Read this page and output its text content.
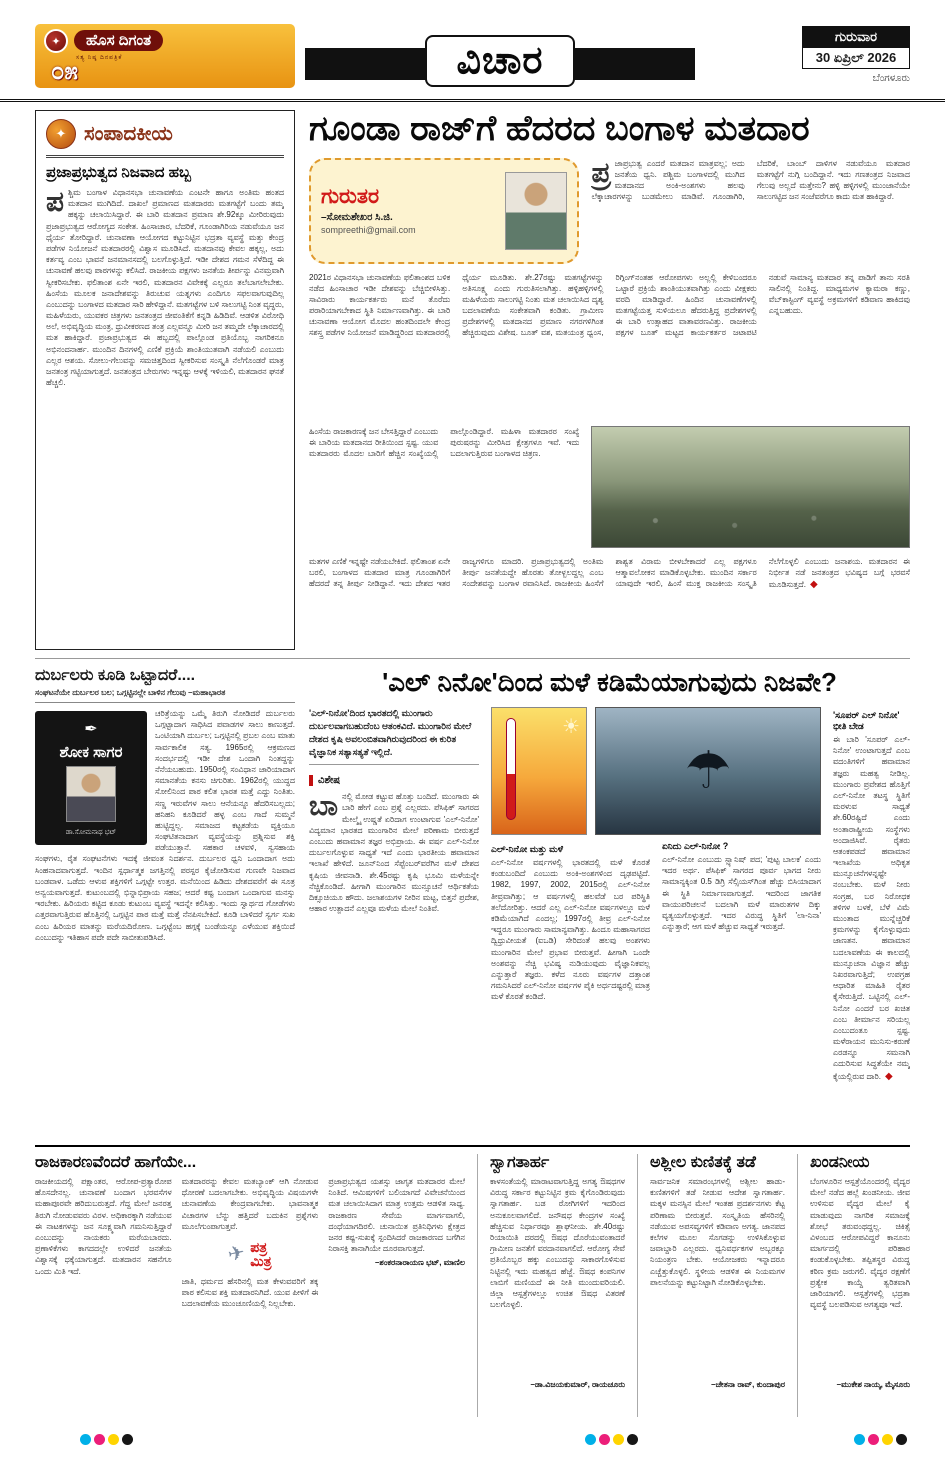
✦	ಹೊಸ ದಿಗಂತ
ಸತ್ಯ ನಿಷ್ಠ ದಿನಪತ್ರಿಕೆ
೦೫	ವಿಚಾರ
ಗುರುವಾರ
30 ಏಪ್ರಿಲ್ 2026
ಬೆಂಗಳೂರು
✦ ಸಂಪಾದಕೀಯ
ಪ್ರಜಾಪ್ರಭುತ್ವದ ನಿಜವಾದ ಹಬ್ಬ
ಪಶ್ಚಿಮ ಬಂಗಾಳ ವಿಧಾನಸಭಾ ಚುನಾವಣೆಯ ಎಂಟನೇ ಹಾಗೂ ಅಂತಿಮ ಹಂತದ ಮತದಾನ ಮುಗಿದಿದೆ. ದಾಖಲೆ ಪ್ರಮಾಣದ ಮತದಾರರು ಮತಗಟ್ಟೆಗೆ ಬಂದು ತಮ್ಮ ಹಕ್ಕನ್ನು ಚಲಾಯಿಸಿದ್ದಾರೆ. ಈ ಬಾರಿ ಮತದಾನ ಪ್ರಮಾಣ ಶೇ.92ಕ್ಕೂ ಮೀರಿರುವುದು ಪ್ರಜಾಪ್ರಭುತ್ವದ ಆರೋಗ್ಯದ ಸಂಕೇತ. ಹಿಂಸಾಚಾರ, ಬೆದರಿಕೆ, ಗೂಂಡಾಗಿರಿಯ ನಡುವೆಯೂ ಜನ ಧೈರ್ಯ ತೋರಿದ್ದಾರೆ. ಚುನಾವಣಾ ಆಯೋಗದ ಕಟ್ಟುನಿಟ್ಟಿನ ಭದ್ರತಾ ವ್ಯವಸ್ಥೆ ಮತ್ತು ಕೇಂದ್ರ ಪಡೆಗಳ ನಿಯೋಜನೆ ಮತದಾರರಲ್ಲಿ ವಿಶ್ವಾಸ ಮೂಡಿಸಿದೆ. ಮತದಾನವು ಕೇವಲ ಹಕ್ಕಲ್ಲ, ಅದು ಕರ್ತವ್ಯ ಎಂಬ ಭಾವನೆ ಜನಮಾನಸದಲ್ಲಿ ಬಲಗೊಳ್ಳುತ್ತಿದೆ. ಇಡೀ ದೇಶದ ಗಮನ ಸೆಳೆದಿದ್ದ ಈ ಚುನಾವಣೆ ಹಲವು ಪಾಠಗಳನ್ನು ಕಲಿಸಿದೆ. ರಾಜಕೀಯ ಪಕ್ಷಗಳು ಜನತೆಯ ತೀರ್ಪನ್ನು ವಿನಮ್ರವಾಗಿ ಸ್ವೀಕರಿಸಬೇಕು. ಫಲಿತಾಂಶ ಏನೇ ಇರಲಿ, ಮತದಾರನ ವಿವೇಕಕ್ಕೆ ಎಲ್ಲರೂ ತಲೆಬಾಗಲೇಬೇಕು. ಹಿಂಸೆಯ ಮೂಲಕ ಜನಾದೇಶವನ್ನು ತಿರುಚುವ ಯತ್ನಗಳು ಎಂದಿಗೂ ಸಫಲವಾಗುವುದಿಲ್ಲ ಎಂಬುದನ್ನು ಬಂಗಾಳದ ಮತದಾರ ಸಾರಿ ಹೇಳಿದ್ದಾನೆ. ಮತಗಟ್ಟೆಗಳ ಬಳಿ ಸಾಲುಗಟ್ಟಿ ನಿಂತ ವೃದ್ಧರು, ಮಹಿಳೆಯರು, ಯುವಕರ ಚಿತ್ರಗಳು ಜನತಂತ್ರದ ಜೀವಂತಿಕೆಗೆ ಕನ್ನಡಿ ಹಿಡಿದಿವೆ. ಆಡಳಿತ ವಿರೋಧಿ ಅಲೆ, ಅಭಿವೃದ್ಧಿಯ ಮಂತ್ರ, ಧ್ರುವೀಕರಣದ ತಂತ್ರ ಎಲ್ಲವನ್ನೂ ಮೀರಿ ಜನ ತಮ್ಮದೇ ಲೆಕ್ಕಾಚಾರದಲ್ಲಿ ಮತ ಹಾಕಿದ್ದಾರೆ. ಪ್ರಜಾಪ್ರಭುತ್ವದ ಈ ಹಬ್ಬದಲ್ಲಿ ಪಾಲ್ಗೊಂಡ ಪ್ರತಿಯೊಬ್ಬ ನಾಗರಿಕನೂ ಅಭಿನಂದನಾರ್ಹ. ಮುಂದಿನ ದಿನಗಳಲ್ಲಿ ಎಣಿಕೆ ಪ್ರಕ್ರಿಯೆ ಶಾಂತಿಯುತವಾಗಿ ನಡೆಯಲಿ ಎಂಬುದು ಎಲ್ಲರ ಆಶಯ. ಸೋಲು-ಗೆಲುವನ್ನು ಸಮಚಿತ್ತದಿಂದ ಸ್ವೀಕರಿಸುವ ಸಂಸ್ಕೃತಿ ನೆಲೆಗೊಂಡರೆ ಮಾತ್ರ ಜನತಂತ್ರ ಗಟ್ಟಿಯಾಗುತ್ತದೆ. ಜನತಂತ್ರದ ಬೇರುಗಳು ಇನ್ನಷ್ಟು ಆಳಕ್ಕೆ ಇಳಿಯಲಿ, ಮತದಾರನ ಘನತೆ ಹೆಚ್ಚಲಿ.
ಗೂಂಡಾ ರಾಜ್‌ಗೆ ಹೆದರದ ಬಂಗಾಳ ಮತದಾರ
ಗುರುತರ
–ಸೋಮಶೇಖರ ಸಿ.ಜಿ.
sompreethi@gmail.com
ಪ್ರ ಜಾಪ್ರಭುತ್ವ ಎಂದರೆ ಮತದಾನ ಮಾತ್ರವಲ್ಲ; ಅದು ಜನತೆಯ ಧ್ವನಿ. ಪಶ್ಚಿಮ ಬಂಗಾಳದಲ್ಲಿ ಮುಗಿದ ಮತದಾನದ ಅಂಕಿ-ಅಂಶಗಳು ಹಲವು ಲೆಕ್ಕಾಚಾರಗಳನ್ನು ಬುಡಮೇಲು ಮಾಡಿವೆ. ಗೂಂಡಾಗಿರಿ, ಬೆದರಿಕೆ, ಬಾಂಬ್ ದಾಳಿಗಳ ನಡುವೆಯೂ ಮತದಾರ ಮತಗಟ್ಟೆಗೆ ನುಗ್ಗಿ ಬಂದಿದ್ದಾನೆ. ಇದು ಗಣತಂತ್ರದ ನಿಜವಾದ ಗೆಲುವು ಅಲ್ಲದೆ ಮತ್ತೇನು? ಹಳ್ಳಿ ಹಳ್ಳಿಗಳಲ್ಲಿ ಮುಂಜಾನೆಯೇ ಸಾಲುಗಟ್ಟಿದ ಜನ ಸಂಜೆವರೆಗೂ ಕಾದು ಮತ ಹಾಕಿದ್ದಾರೆ.
2021ರ ವಿಧಾನಸಭಾ ಚುನಾವಣೆಯ ಫಲಿತಾಂಶದ ಬಳಿಕ ನಡೆದ ಹಿಂಸಾಚಾರ ಇಡೀ ದೇಶವನ್ನು ಬೆಚ್ಚಿಬೀಳಿಸಿತ್ತು. ಸಾವಿರಾರು ಕಾರ್ಯಕರ್ತರು ಮನೆ ತೊರೆದು ಪರಾರಿಯಾಗಬೇಕಾದ ಸ್ಥಿತಿ ನಿರ್ಮಾಣವಾಗಿತ್ತು. ಈ ಬಾರಿ ಚುನಾವಣಾ ಆಯೋಗ ಮೊದಲ ಹಂತದಿಂದಲೇ ಕೇಂದ್ರ ಸಶಸ್ತ್ರ ಪಡೆಗಳ ನಿಯೋಜನೆ ಮಾಡಿದ್ದರಿಂದ ಮತದಾರರಲ್ಲಿ ಧೈರ್ಯ ಮೂಡಿತು. ಶೇ.27ರಷ್ಟು ಮತಗಟ್ಟೆಗಳನ್ನು ಅತಿಸೂಕ್ಷ್ಮ ಎಂದು ಗುರುತಿಸಲಾಗಿತ್ತು. ಹಳ್ಳಿಹಳ್ಳಿಗಳಲ್ಲಿ ಮಹಿಳೆಯರು ಸಾಲುಗಟ್ಟಿ ನಿಂತು ಮತ ಚಲಾಯಿಸಿದ ದೃಶ್ಯ ಬದಲಾವಣೆಯ ಸಂಕೇತವಾಗಿ ಕಂಡಿತು. ಗ್ರಾಮೀಣ ಪ್ರದೇಶಗಳಲ್ಲಿ ಮತದಾನದ ಪ್ರಮಾಣ ನಗರಗಳಿಗಿಂತ ಹೆಚ್ಚಿರುವುದು ವಿಶೇಷ. ಬೂತ್ ವಶ, ಮತಯಂತ್ರ ಧ್ವಂಸ, ರಿಗ್ಗಿಂಗ್‌ನಂತಹ ಆರೋಪಗಳು ಅಲ್ಲಲ್ಲಿ ಕೇಳಿಬಂದರೂ ಒಟ್ಟಾರೆ ಪ್ರಕ್ರಿಯೆ ಶಾಂತಿಯುತವಾಗಿತ್ತು ಎಂದು ವೀಕ್ಷಕರು ವರದಿ ಮಾಡಿದ್ದಾರೆ. ಹಿಂದಿನ ಚುನಾವಣೆಗಳಲ್ಲಿ ಮತಗಟ್ಟೆಯತ್ತ ಸುಳಿಯಲೂ ಹೆದರುತ್ತಿದ್ದ ಪ್ರದೇಶಗಳಲ್ಲಿ ಈ ಬಾರಿ ಉತ್ಸಾಹದ ವಾತಾವರಣವಿತ್ತು. ರಾಜಕೀಯ ಪಕ್ಷಗಳ ಬೂತ್ ಮಟ್ಟದ ಕಾರ್ಯಕರ್ತರ ಜಟಾಪಟಿ ನಡುವೆ ಸಾಮಾನ್ಯ ಮತದಾರ ತನ್ನ ಪಾಡಿಗೆ ತಾನು ಸರತಿ ಸಾಲಿನಲ್ಲಿ ನಿಂತಿದ್ದ. ಮಾಧ್ಯಮಗಳ ಕ್ಯಾಮರಾ ಕಣ್ಣು, ವೆಬ್‌ಕಾಸ್ಟಿಂಗ್ ವ್ಯವಸ್ಥೆ ಅಕ್ರಮಗಳಿಗೆ ಕಡಿವಾಣ ಹಾಕಿದವು ಎನ್ನಬಹುದು.
ಹಿಂಸೆಯ ರಾಜಕಾರಣಕ್ಕೆ ಜನ ಬೇಸತ್ತಿದ್ದಾರೆ ಎಂಬುದು ಈ ಬಾರಿಯ ಮತದಾನದ ರೀತಿಯಿಂದ ಸ್ಪಷ್ಟ. ಯುವ ಮತದಾರರು ಮೊದಲ ಬಾರಿಗೆ ಹೆಚ್ಚಿನ ಸಂಖ್ಯೆಯಲ್ಲಿ ಪಾಲ್ಗೊಂಡಿದ್ದಾರೆ. ಮಹಿಳಾ ಮತದಾರರ ಸಂಖ್ಯೆ ಪುರುಷರನ್ನು ಮೀರಿಸಿದ ಕ್ಷೇತ್ರಗಳೂ ಇವೆ. ಇದು ಬದಲಾಗುತ್ತಿರುವ ಬಂಗಾಳದ ಚಿತ್ರಣ.
ಮತಗಳ ಎಣಿಕೆ ಇನ್ನಷ್ಟೇ ನಡೆಯಬೇಕಿದೆ. ಫಲಿತಾಂಶ ಏನೇ ಬರಲಿ, ಬಂಗಾಳದ ಮತದಾರ ಮಾತ್ರ ಗೂಂಡಾಗಿರಿಗೆ ಹೆದರದೆ ತನ್ನ ತೀರ್ಪು ನೀಡಿದ್ದಾನೆ. ಇದು ದೇಶದ ಇತರ ರಾಜ್ಯಗಳಿಗೂ ಮಾದರಿ. ಪ್ರಜಾಪ್ರಭುತ್ವದಲ್ಲಿ ಅಂತಿಮ ತೀರ್ಪು ಜನತೆಯದ್ದೇ ಹೊರತು ತೋಳ್ಬಲದ್ದಲ್ಲ ಎಂಬ ಸಂದೇಶವನ್ನು ಬಂಗಾಳ ರವಾನಿಸಿದೆ. ರಾಜಕೀಯ ಹಿಂಸೆಗೆ ಶಾಶ್ವತ ವಿರಾಮ ಬೀಳಬೇಕಾದರೆ ಎಲ್ಲ ಪಕ್ಷಗಳೂ ಆತ್ಮಾವಲೋಕನ ಮಾಡಿಕೊಳ್ಳಬೇಕು. ಮುಂದಿನ ಸರ್ಕಾರ ಯಾವುದೇ ಇರಲಿ, ಹಿಂಸೆ ಮುಕ್ತ ರಾಜಕೀಯ ಸಂಸ್ಕೃತಿ ನೆಲೆಗೊಳ್ಳಲಿ ಎಂಬುದು ಜನಾಶಯ. ಮತದಾರನ ಈ ನಿರ್ಭೀತ ನಡೆ ಜನತಂತ್ರದ ಭವಿಷ್ಯದ ಬಗ್ಗೆ ಭರವಸೆ ಮೂಡಿಸುತ್ತದೆ. ◆
ದುರ್ಬಲರು ಕೂಡಿ ಒಟ್ಟಾದರೆ....
ಸಂಘಟನೆಯೇ ದುರ್ಬಲರ ಬಲ; ಒಗ್ಗಟ್ಟಿನಲ್ಲೇ ಬಾಳಿನ ಗೆಲುವು –ಮಹಾಭಾರತ
✒
ಶೋಕ ಸಾಗರ
ಡಾ.ಸೋಮನಾಥ ಭಟ್
ಚರಿತ್ರೆಯನ್ನು ಒಮ್ಮೆ ತಿರುಗಿ ನೋಡಿದರೆ ದುರ್ಬಲರು ಒಗ್ಗಟ್ಟಾದಾಗ ಸಾಧಿಸಿದ ಪವಾಡಗಳ ಸಾಲು ಕಾಣುತ್ತದೆ. ಒಂಟಿಯಾಗಿ ದುರ್ಬಲ; ಒಗ್ಗಟ್ಟಿನಲ್ಲಿ ಪ್ರಬಲ ಎಂಬ ಮಾತು ಸಾರ್ವಕಾಲಿಕ ಸತ್ಯ. 1965ರಲ್ಲಿ ಆಕ್ರಮಣದ ಸಂದರ್ಭದಲ್ಲಿ ಇಡೀ ದೇಶ ಒಂದಾಗಿ ನಿಂತದ್ದನ್ನು ನೆನೆಯಬಹುದು. 1950ರಲ್ಲಿ ಸಂವಿಧಾನ ಜಾರಿಯಾದಾಗ ಸಮಾನತೆಯ ಕನಸು ಚಿಗುರಿತು. 1962ರಲ್ಲಿ ಯುದ್ಧದ ಸೋಲಿನಿಂದ ಪಾಠ ಕಲಿತ ಭಾರತ ಮತ್ತೆ ಎದ್ದು ನಿಂತಿತು. ಸಣ್ಣ ಇರುವೆಗಳ ಸಾಲು ಆನೆಯನ್ನೂ ಹೆದರಿಸಬಲ್ಲದು; ಹನಿಹನಿ ಕೂಡಿದರೆ ಹಳ್ಳ ಎಂಬ ಗಾದೆ ಸುಮ್ಮನೆ ಹುಟ್ಟಿದ್ದಲ್ಲ. ಸಮಾಜದ ಕಟ್ಟಕಡೆಯ ವ್ಯಕ್ತಿಯೂ ಸಂಘಟಿತನಾದಾಗ ವ್ಯವಸ್ಥೆಯನ್ನು ಪ್ರಶ್ನಿಸುವ ಶಕ್ತಿ ಪಡೆಯುತ್ತಾನೆ. ಸಹಕಾರ ಚಳವಳಿ, ಸ್ವಸಹಾಯ ಸಂಘಗಳು, ರೈತ ಸಂಘಟನೆಗಳು ಇದಕ್ಕೆ ಜೀವಂತ ನಿದರ್ಶನ. ದುರ್ಬಲರ ಧ್ವನಿ ಒಂದಾದಾಗ ಅದು ಸಿಂಹನಾದವಾಗುತ್ತದೆ. ಇಂದಿನ ಸ್ಪರ್ಧಾತ್ಮಕ ಜಗತ್ತಿನಲ್ಲಿ ಪರಸ್ಪರ ಕೈಜೋಡಿಸುವ ಗುಣವೇ ನಿಜವಾದ ಬಂಡವಾಳ. ಒಡೆದು ಆಳುವ ಶಕ್ತಿಗಳಿಗೆ ಒಗ್ಗಟ್ಟೇ ಉತ್ತರ. ಮನೆಯಿಂದ ಹಿಡಿದು ದೇಶದವರೆಗೆ ಈ ಸೂತ್ರ ಅನ್ವಯವಾಗುತ್ತದೆ. ಕುಟುಂಬದಲ್ಲಿ ಭಿನ್ನಾಭಿಪ್ರಾಯ ಸಹಜ; ಆದರೆ ಕಷ್ಟ ಬಂದಾಗ ಒಂದಾಗುವ ಮನಸ್ಸು ಇರಬೇಕು. ಹಿರಿಯರು ಕಟ್ಟಿದ ಕೂಡು ಕುಟುಂಬ ವ್ಯವಸ್ಥೆ ಇದನ್ನೇ ಕಲಿಸಿತ್ತು. ಇಂದು ಸ್ವಾರ್ಥದ ಗೋಡೆಗಳು ಎತ್ತರವಾಗುತ್ತಿರುವ ಹೊತ್ತಿನಲ್ಲಿ ಒಗ್ಗಟ್ಟಿನ ಪಾಠ ಮತ್ತೆ ಮತ್ತೆ ನೆನಪಿಸಬೇಕಿದೆ. ಕೂಡಿ ಬಾಳಿದರೆ ಸ್ವರ್ಗ ಸುಖ ಎಂಬ ಹಿರಿಯರ ಮಾತನ್ನು ಮರೆಯದಿರೋಣ. ಒಗ್ಗಟ್ಟೆಂಬ ಹಗ್ಗಕ್ಕೆ ಬಂಡೆಯನ್ನೂ ಎಳೆಯುವ ಶಕ್ತಿಯಿದೆ ಎಂಬುದನ್ನು ಇತಿಹಾಸ ಪದೇ ಪದೇ ಸಾಬೀತುಪಡಿಸಿದೆ.
'ಎಲ್ ನಿನೋ'ದಿಂದ ಮಳೆ ಕಡಿಮೆಯಾಗುವುದು ನಿಜವೇ?
'ಎಲ್-ನಿನೋ'ದಿಂದ ಭಾರತದಲ್ಲಿ ಮುಂಗಾರು ದುರ್ಬಲವಾಗಬಹುದೆಂಬ ಆತಂಕವಿದೆ. ಮುಂಗಾರಿನ ಮೇಲೆ ದೇಶದ ಕೃಷಿ ಅವಲಂಬಿತವಾಗಿರುವುದರಿಂದ ಈ ಕುರಿತ ವೈಜ್ಞಾನಿಕ ಸತ್ಯಾಸತ್ಯತೆ ಇಲ್ಲಿದೆ.
ವಿಶೇಷ
ಬಾನಲ್ಲಿ ಮೋಡ ಕಟ್ಟುವ ಹೊತ್ತು ಬಂದಿದೆ. ಮುಂಗಾರು ಈ ಬಾರಿ ಹೇಗೆ ಎಂಬ ಪ್ರಶ್ನೆ ಎಲ್ಲರದು. ಪೆಸಿಫಿಕ್ ಸಾಗರದ ಮೇಲ್ಮೈ ಉಷ್ಣತೆ ಏರಿದಾಗ ಉಂಟಾಗುವ 'ಎಲ್-ನಿನೋ' ವಿದ್ಯಮಾನ ಭಾರತದ ಮುಂಗಾರಿನ ಮೇಲೆ ಪರಿಣಾಮ ಬೀರುತ್ತದೆ ಎಂಬುದು ಹವಾಮಾನ ತಜ್ಞರ ಅಭಿಪ್ರಾಯ. ಈ ವರ್ಷ ಎಲ್-ನಿನೋ ದುರ್ಬಲಗೊಳ್ಳುವ ಸಾಧ್ಯತೆ ಇದೆ ಎಂದು ಭಾರತೀಯ ಹವಾಮಾನ ಇಲಾಖೆ ಹೇಳಿದೆ. ಜೂನ್‌ನಿಂದ ಸೆಪ್ಟೆಂಬರ್‌ವರೆಗಿನ ಮಳೆ ದೇಶದ ಕೃಷಿಯ ಜೀವನಾಡಿ. ಶೇ.45ರಷ್ಟು ಕೃಷಿ ಭೂಮಿ ಮಳೆಯನ್ನೇ ನೆಚ್ಚಿಕೊಂಡಿದೆ. ಹೀಗಾಗಿ ಮುಂಗಾರಿನ ಮುನ್ಸೂಚನೆ ಆರ್ಥಿಕತೆಯ ದಿಕ್ಸೂಚಿಯೂ ಹೌದು. ಜಲಾಶಯಗಳ ನೀರಿನ ಮಟ್ಟ, ಬಿತ್ತನೆ ಪ್ರದೇಶ, ಆಹಾರ ಉತ್ಪಾದನೆ ಎಲ್ಲವೂ ಮಳೆಯ ಮೇಲೆ ನಿಂತಿವೆ.
☀
☂
ಎಲ್-ನಿನೋ ಮತ್ತು ಮಳೆ
ಎಲ್-ನಿನೋ ವರ್ಷಗಳಲ್ಲಿ ಭಾರತದಲ್ಲಿ ಮಳೆ ಕೊರತೆ ಕಂಡುಬಂದಿದೆ ಎಂಬುದು ಅಂಕಿ-ಅಂಶಗಳಿಂದ ದೃಢಪಟ್ಟಿದೆ. 1982, 1997, 2002, 2015ರಲ್ಲಿ ಎಲ್-ನಿನೋ ತೀವ್ರವಾಗಿತ್ತು; ಆ ವರ್ಷಗಳಲ್ಲಿ ಹಲವೆಡೆ ಬರ ಪರಿಸ್ಥಿತಿ ತಲೆದೋರಿತ್ತು. ಆದರೆ ಎಲ್ಲ ಎಲ್-ನಿನೋ ವರ್ಷಗಳಲ್ಲೂ ಮಳೆ ಕಡಿಮೆಯಾಗಿದೆ ಎಂದಲ್ಲ; 1997ರಲ್ಲಿ ತೀವ್ರ ಎಲ್-ನಿನೋ ಇದ್ದರೂ ಮುಂಗಾರು ಸಾಮಾನ್ಯವಾಗಿತ್ತು. ಹಿಂದೂ ಮಹಾಸಾಗರದ ದ್ವಿಧ್ರುವೀಯತೆ (ಐಒಡಿ) ಸೇರಿದಂತೆ ಹಲವು ಅಂಶಗಳು ಮುಂಗಾರಿನ ಮೇಲೆ ಪ್ರಭಾವ ಬೀರುತ್ತವೆ. ಹೀಗಾಗಿ ಒಂದೇ ಅಂಶವನ್ನು ನೆಚ್ಚಿ ಭವಿಷ್ಯ ನುಡಿಯುವುದು ವೈಜ್ಞಾನಿಕವಲ್ಲ ಎನ್ನುತ್ತಾರೆ ತಜ್ಞರು. ಕಳೆದ ನೂರು ವರ್ಷಗಳ ದತ್ತಾಂಶ ಗಮನಿಸಿದರೆ ಎಲ್-ನಿನೋ ವರ್ಷಗಳ ಪೈಕಿ ಅರ್ಧದಷ್ಟರಲ್ಲಿ ಮಾತ್ರ ಮಳೆ ಕೊರತೆ ಕಂಡಿದೆ.
ಏನಿದು ಎಲ್-ನಿನೋ ?
ಎಲ್-ನಿನೋ ಎಂಬುದು ಸ್ಪ್ಯಾನಿಷ್ ಪದ; 'ಪುಟ್ಟ ಬಾಲಕ' ಎಂದು ಇದರ ಅರ್ಥ. ಪೆಸಿಫಿಕ್ ಸಾಗರದ ಪೂರ್ವ ಭಾಗದ ನೀರು ಸಾಮಾನ್ಯಕ್ಕಿಂತ 0.5 ಡಿಗ್ರಿ ಸೆಲ್ಸಿಯಸ್‌ಗಿಂತ ಹೆಚ್ಚು ಬಿಸಿಯಾದಾಗ ಈ ಸ್ಥಿತಿ ನಿರ್ಮಾಣವಾಗುತ್ತದೆ. ಇದರಿಂದ ಜಾಗತಿಕ ವಾಯುಪರಿಚಲನೆ ಬದಲಾಗಿ ಮಳೆ ಮಾರುತಗಳ ದಿಕ್ಕು ವ್ಯತ್ಯಯಗೊಳ್ಳುತ್ತದೆ. ಇದರ ವಿರುದ್ಧ ಸ್ಥಿತಿಗೆ 'ಲಾ-ನಿನಾ' ಎನ್ನುತ್ತಾರೆ; ಆಗ ಮಳೆ ಹೆಚ್ಚುವ ಸಾಧ್ಯತೆ ಇರುತ್ತದೆ.
'ಸೂಪರ್ ಎಲ್ ನಿನೋ' ಭೀತಿ ಬೇಡ
ಈ ಬಾರಿ 'ಸೂಪರ್ ಎಲ್-ನಿನೋ' ಉಂಟಾಗುತ್ತದೆ ಎಂಬ ವದಂತಿಗಳಿಗೆ ಹವಾಮಾನ ತಜ್ಞರು ಮಹತ್ವ ನೀಡಿಲ್ಲ. ಮುಂಗಾರು ಪ್ರವೇಶದ ಹೊತ್ತಿಗೆ ಎಲ್-ನಿನೋ ತಟಸ್ಥ ಸ್ಥಿತಿಗೆ ಮರಳುವ ಸಾಧ್ಯತೆ ಶೇ.60ರಷ್ಟಿದೆ ಎಂದು ಅಂತಾರಾಷ್ಟ್ರೀಯ ಸಂಸ್ಥೆಗಳು ಅಂದಾಜಿಸಿವೆ. ರೈತರು ಆತಂಕಪಡದೆ ಹವಾಮಾನ ಇಲಾಖೆಯ ಅಧಿಕೃತ ಮುನ್ಸೂಚನೆಗಳನ್ನಷ್ಟೇ ನಂಬಬೇಕು. ಮಳೆ ನೀರು ಸಂಗ್ರಹ, ಬರ ನಿರೋಧಕ ತಳಿಗಳ ಬಳಕೆ, ಬೆಳೆ ವಿಮೆ ಮುಂತಾದ ಮುನ್ನೆಚ್ಚರಿಕೆ ಕ್ರಮಗಳನ್ನು ಕೈಗೊಳ್ಳುವುದು ಜಾಣತನ. ಹವಾಮಾನ ಬದಲಾವಣೆಯ ಈ ಕಾಲದಲ್ಲಿ ಮುನ್ಸೂಚನಾ ವಿಜ್ಞಾನ ಹೆಚ್ಚು ನಿಖರವಾಗುತ್ತಿದೆ; ಉಪಗ್ರಹ ಆಧಾರಿತ ಮಾಹಿತಿ ರೈತರ ಕೈಸೇರುತ್ತಿದೆ. ಒಟ್ಟಿನಲ್ಲಿ ಎಲ್-ನಿನೋ ಎಂದರೆ ಬರ ಖಚಿತ ಎಂಬ ತೀರ್ಮಾನ ಸರಿಯಲ್ಲ ಎಂಬುದಂತೂ ಸ್ಪಷ್ಟ. ಮಳೆರಾಯನ ಮುನಿಸು-ಕರುಣೆ ಎರಡನ್ನೂ ಸಮನಾಗಿ ಎದುರಿಸುವ ಸಿದ್ಧತೆಯೇ ನಮ್ಮ ಕೈಯಲ್ಲಿರುವ ದಾರಿ. ◆
ರಾಜಕಾರಣವೆಂದರೆ ಹಾಗೆಯೇ...
ರಾಜಕೀಯದಲ್ಲಿ ಪಕ್ಷಾಂತರ, ಆರೋಪ-ಪ್ರತ್ಯಾರೋಪ ಹೊಸದೇನಲ್ಲ. ಚುನಾವಣೆ ಬಂದಾಗ ಭರವಸೆಗಳ ಮಹಾಪೂರವೇ ಹರಿದುಬರುತ್ತದೆ. ಗೆದ್ದ ಮೇಲೆ ಜನರತ್ತ ತಿರುಗಿ ನೋಡುವವರು ವಿರಳ. ಅಧಿಕಾರಕ್ಕಾಗಿ ನಡೆಯುವ ಈ ನಾಟಕಗಳನ್ನು ಜನ ಸೂಕ್ಷ್ಮವಾಗಿ ಗಮನಿಸುತ್ತಿದ್ದಾರೆ ಎಂಬುದನ್ನು ನಾಯಕರು ಮರೆಯಬಾರದು. ಪ್ರಣಾಳಿಕೆಗಳು ಕಾಗದದಲ್ಲೇ ಉಳಿದರೆ ಜನತೆಯ ವಿಶ್ವಾಸಕ್ಕೆ ಧಕ್ಕೆಯಾಗುತ್ತದೆ. ಮತದಾರನ ಸಹನೆಗೂ ಒಂದು ಮಿತಿ ಇದೆ.
ಮತದಾರರನ್ನು ಕೇವಲ ಮತಬ್ಯಾಂಕ್ ಆಗಿ ನೋಡುವ ಧೋರಣೆ ಬದಲಾಗಬೇಕು. ಅಭಿವೃದ್ಧಿಯ ವಿಷಯಗಳೇ ಚುನಾವಣೆಯ ಕೇಂದ್ರವಾಗಬೇಕು. ಭಾವನಾತ್ಮಕ ವಿಚಾರಗಳ ಬೆನ್ನು ಹತ್ತಿದರೆ ಬದುಕಿನ ಪ್ರಶ್ನೆಗಳು ಮೂಲೆಗುಂಪಾಗುತ್ತವೆ.
✈ ಪತ್ರ
ಮಿತ್ರ
ಜಾತಿ, ಧರ್ಮದ ಹೆಸರಿನಲ್ಲಿ ಮತ ಕೇಳುವವರಿಗೆ ತಕ್ಕ ಪಾಠ ಕಲಿಸುವ ಶಕ್ತಿ ಮತದಾರನಿಗಿದೆ. ಯುವ ಪೀಳಿಗೆ ಈ ಬದಲಾವಣೆಯ ಮುಂಚೂಣಿಯಲ್ಲಿ ನಿಲ್ಲಬೇಕು.
ಪ್ರಜಾಪ್ರಭುತ್ವದ ಯಶಸ್ಸು ಜಾಗೃತ ಮತದಾರರ ಮೇಲೆ ನಿಂತಿದೆ. ಆಮಿಷಗಳಿಗೆ ಬಲಿಯಾಗದೆ ವಿವೇಚನೆಯಿಂದ ಮತ ಚಲಾಯಿಸಿದಾಗ ಮಾತ್ರ ಉತ್ತಮ ಆಡಳಿತ ಸಾಧ್ಯ. ರಾಜಕಾರಣ ಸೇವೆಯ ಮಾರ್ಗವಾಗಲಿ, ದಂಧೆಯಾಗದಿರಲಿ. ಚುನಾಯಿತ ಪ್ರತಿನಿಧಿಗಳು ಕ್ಷೇತ್ರದ ಜನರ ಕಷ್ಟ-ಸುಖಕ್ಕೆ ಸ್ಪಂದಿಸಿದರೆ ರಾಜಕಾರಣದ ಬಗೆಗಿನ ನಿರಾಸಕ್ತಿ ತಾನಾಗಿಯೇ ದೂರವಾಗುತ್ತದೆ.
–ಶಂಕರನಾರಾಯಣ ಭಟ್, ಮಾಣಿಲ
ಸ್ವಾಗತಾರ್ಹ
ಕಾಳಸಂತೆಯಲ್ಲಿ ಮಾರಾಟವಾಗುತ್ತಿದ್ದ ಅಗತ್ಯ ಔಷಧಗಳ ವಿರುದ್ಧ ಸರ್ಕಾರ ಕಟ್ಟುನಿಟ್ಟಿನ ಕ್ರಮ ಕೈಗೊಂಡಿರುವುದು ಸ್ವಾಗತಾರ್ಹ. ಬಡ ರೋಗಿಗಳಿಗೆ ಇದರಿಂದ ಅನುಕೂಲವಾಗಲಿದೆ. ಜನೌಷಧ ಕೇಂದ್ರಗಳ ಸಂಖ್ಯೆ ಹೆಚ್ಚಿಸುವ ನಿರ್ಧಾರವೂ ಶ್ಲಾಘನೀಯ. ಶೇ.40ರಷ್ಟು ರಿಯಾಯಿತಿ ದರದಲ್ಲಿ ಔಷಧ ದೊರೆಯುವಂತಾದರೆ ಗ್ರಾಮೀಣ ಜನತೆಗೆ ವರದಾನವಾಗಲಿದೆ. ಆರೋಗ್ಯ ಸೇವೆ ಪ್ರತಿಯೊಬ್ಬರ ಹಕ್ಕು ಎಂಬುದನ್ನು ಸಾಕಾರಗೊಳಿಸುವ ನಿಟ್ಟಿನಲ್ಲಿ ಇದು ಮಹತ್ವದ ಹೆಜ್ಜೆ. ಔಷಧ ಕಂಪನಿಗಳ ಲಾಬಿಗೆ ಮಣಿಯದೆ ಈ ನೀತಿ ಮುಂದುವರಿಯಲಿ. ಜಿಲ್ಲಾ ಆಸ್ಪತ್ರೆಗಳಲ್ಲೂ ಉಚಿತ ಔಷಧ ವಿತರಣೆ ಬಲಗೊಳ್ಳಲಿ.
–ಡಾ.ವಿಜಯಕುಮಾರ್, ರಾಯಚೂರು
ಅಶ್ಲೀಲ ಕುಣಿತಕ್ಕೆ ತಡೆ
ಸಾರ್ವಜನಿಕ ಸಮಾರಂಭಗಳಲ್ಲಿ ಅಶ್ಲೀಲ ಹಾಡು-ಕುಣಿತಗಳಿಗೆ ತಡೆ ನೀಡುವ ಆದೇಶ ಸ್ವಾಗತಾರ್ಹ. ಮಕ್ಕಳ ಮನಸ್ಸಿನ ಮೇಲೆ ಇಂತಹ ಪ್ರದರ್ಶನಗಳು ಕೆಟ್ಟ ಪರಿಣಾಮ ಬೀರುತ್ತವೆ. ಸಂಸ್ಕೃತಿಯ ಹೆಸರಿನಲ್ಲಿ ನಡೆಯುವ ಅಪಸವ್ಯಗಳಿಗೆ ಕಡಿವಾಣ ಅಗತ್ಯ. ಜಾನಪದ ಕಲೆಗಳ ಮೂಲ ಸೊಗಡನ್ನು ಉಳಿಸಿಕೊಳ್ಳುವ ಜವಾಬ್ದಾರಿ ಎಲ್ಲರದು. ಧ್ವನಿವರ್ಧಕಗಳ ಅಬ್ಬರಕ್ಕೂ ನಿಯಂತ್ರಣ ಬೇಕು. ಆಯೋಜಕರು ಇನ್ನಾದರೂ ಎಚ್ಚೆತ್ತುಕೊಳ್ಳಲಿ. ಸ್ಥಳೀಯ ಆಡಳಿತ ಈ ನಿಯಮಗಳ ಪಾಲನೆಯನ್ನು ಕಟ್ಟುನಿಟ್ಟಾಗಿ ನೋಡಿಕೊಳ್ಳಬೇಕು.
–ಚೇತನಾ ರಾವ್, ಕುಂದಾಪುರ
ಖಂಡನೀಯ
ಬೆಂಗಳೂರಿನ ಆಸ್ಪತ್ರೆಯೊಂದರಲ್ಲಿ ವೈದ್ಯರ ಮೇಲೆ ನಡೆದ ಹಲ್ಲೆ ಖಂಡನೀಯ. ಜೀವ ಉಳಿಸುವ ವೈದ್ಯರ ಮೇಲೆ ಕೈ ಮಾಡುವುದು ನಾಗರಿಕ ಸಮಾಜಕ್ಕೆ ಶೋಭೆ ತರುವಂಥದ್ದಲ್ಲ. ಚಿಕಿತ್ಸೆ ವಿಳಂಬದ ಆರೋಪವಿದ್ದರೆ ಕಾನೂನು ಮಾರ್ಗದಲ್ಲಿ ಪರಿಹಾರ ಕಂಡುಕೊಳ್ಳಬೇಕು. ತಪ್ಪಿತಸ್ಥರ ವಿರುದ್ಧ ಕಠಿಣ ಕ್ರಮ ಜರುಗಲಿ. ವೈದ್ಯರ ರಕ್ಷಣೆಗೆ ಪ್ರತ್ಯೇಕ ಕಾಯ್ದೆ ತ್ವರಿತವಾಗಿ ಜಾರಿಯಾಗಲಿ. ಆಸ್ಪತ್ರೆಗಳಲ್ಲಿ ಭದ್ರತಾ ವ್ಯವಸ್ಥೆ ಬಲಪಡಿಸುವ ಅಗತ್ಯವೂ ಇದೆ.
–ಮುಕೇಶ ನಾಯ್ಕ, ಮೈಸೂರು
